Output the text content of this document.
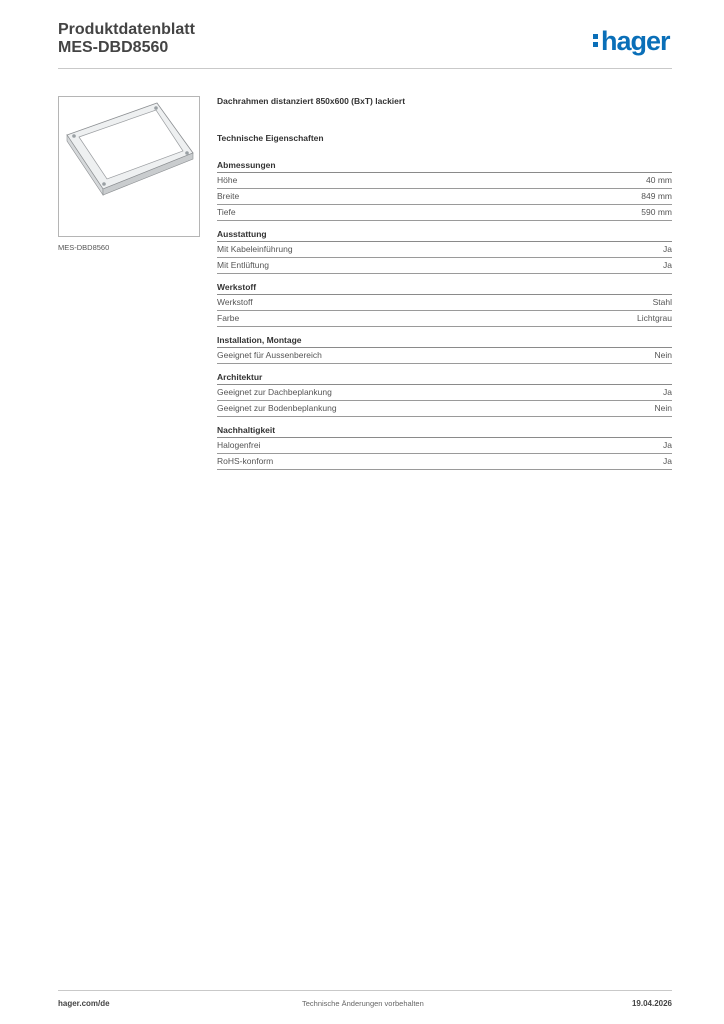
Produktdatenblatt
MES-DBD8560	hager
MES-DBD8560

Dachrahmen distanziert 850x600 (BxT) lackiert

Technische Eigenschaften

Abmessungen
Höhe	40 mm
Breite	849 mm
Tiefe	590 mm
Ausstattung
Mit Kabeleinführung	Ja
Mit Entlüftung	Ja
Werkstoff
Werkstoff	Stahl
Farbe	Lichtgrau
Installation, Montage
Geeignet für Aussenbereich	Nein
Architektur
Geeignet zur Dachbeplankung	Ja
Geeignet zur Bodenbeplankung	Nein
Nachhaltigkeit
Halogenfrei	Ja
RoHS-konform	Ja
hager.com/de	Technische Änderungen vorbehalten	19.04.2026
